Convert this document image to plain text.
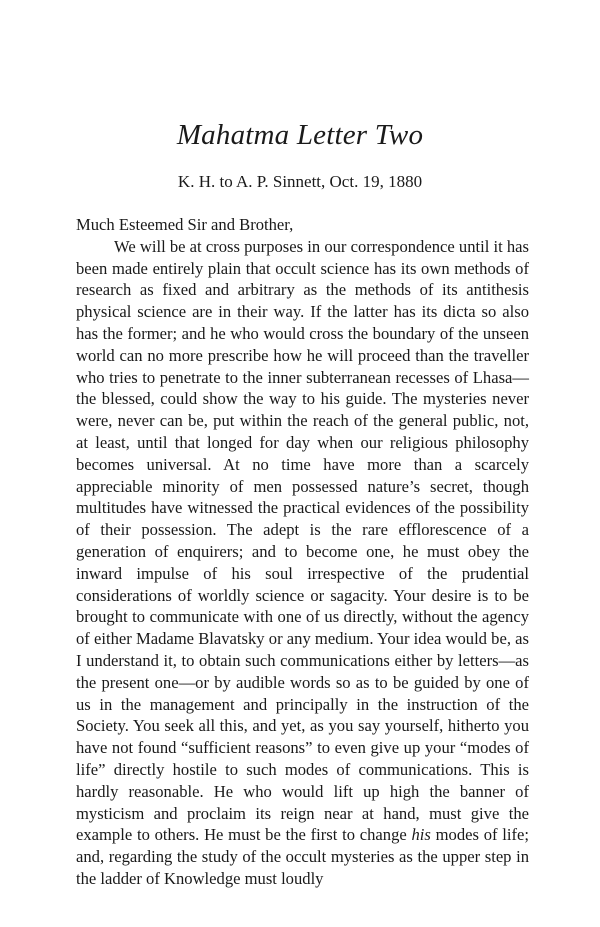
Mahatma Letter Two
K. H. to A. P. Sinnett, Oct. 19, 1880

Much Esteemed Sir and Brother,

We will be at cross purposes in our correspondence until it has been made entirely plain that occult science has its own methods of research as fixed and arbitrary as the methods of its antithesis physical science are in their way. If the latter has its dicta so also has the former; and he who would cross the boundary of the unseen world can no more prescribe how he will proceed than the traveller who tries to penetrate to the inner subterranean recesses of Lhasa—the blessed, could show the way to his guide. The mysteries never were, never can be, put within the reach of the general public, not, at least, until that longed for day when our religious philosophy becomes universal. At no time have more than a scarcely appreciable minority of men possessed nature’s secret, though multitudes have witnessed the practical evidences of the possibility of their possession. The adept is the rare efflorescence of a generation of enquirers; and to become one, he must obey the inward impulse of his soul irrespective of the prudential considerations of worldly science or sagacity. Your desire is to be brought to communicate with one of us directly, without the agency of either Madame Blavatsky or any medium. Your idea would be, as I understand it, to obtain such communications either by letters—as the present one—or by audible words so as to be guided by one of us in the management and principally in the instruction of the Society. You seek all this, and yet, as you say yourself, hitherto you have not found “sufficient reasons” to even give up your “modes of life” directly hostile to such modes of communications. This is hardly reasonable. He who would lift up high the banner of mysticism and proclaim its reign near at hand, must give the example to others. He must be the first to change his modes of life; and, regarding the study of the occult mysteries as the upper step in the ladder of Knowledge must loudly
